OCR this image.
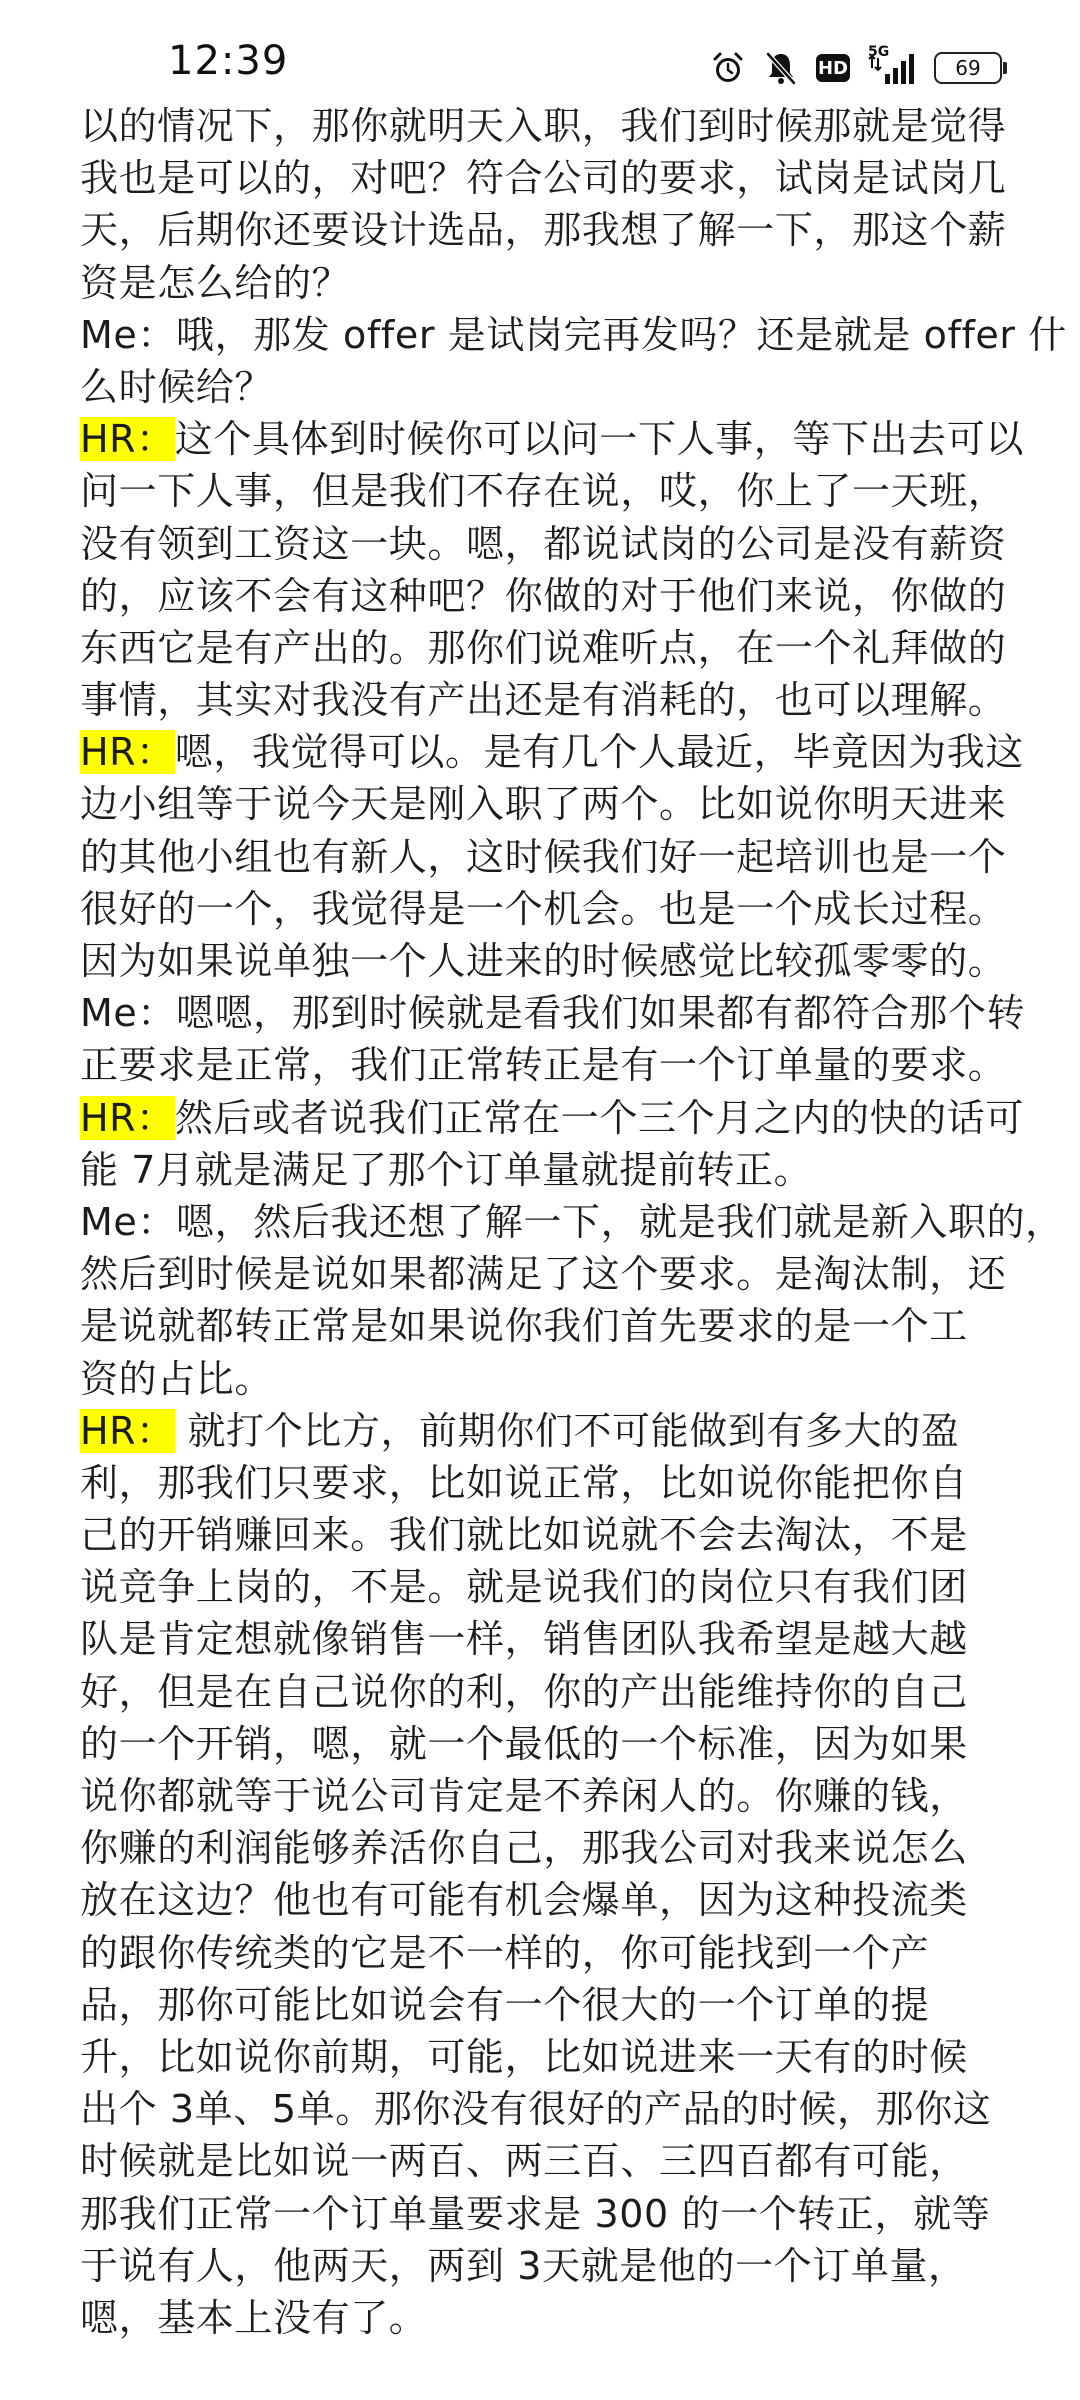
12:39	HD
5G
69
以的情况下，那你就明天入职，我们到时候那就是觉得
我也是可以的，对吧？符合公司的要求，试岗是试岗几
天，后期你还要设计选品，那我想了解一下，那这个薪
资是怎么给的？
Me：哦，那发 offer 是试岗完再发吗？还是就是 offer 什
么时候给？
HR：这个具体到时候你可以问一下人事，等下出去可以
问一下人事，但是我们不存在说，哎，你上了一天班，
没有领到工资这一块。嗯，都说试岗的公司是没有薪资
的，应该不会有这种吧？你做的对于他们来说，你做的
东西它是有产出的。那你们说难听点，在一个礼拜做的
事情，其实对我没有产出还是有消耗的，也可以理解。
HR：嗯，我觉得可以。是有几个人最近，毕竟因为我这
边小组等于说今天是刚入职了两个。比如说你明天进来
的其他小组也有新人，这时候我们好一起培训也是一个
很好的一个，我觉得是一个机会。也是一个成长过程。
因为如果说单独一个人进来的时候感觉比较孤零零的。
Me：嗯嗯，那到时候就是看我们如果都有都符合那个转
正要求是正常，我们正常转正是有一个订单量的要求。
HR：然后或者说我们正常在一个三个月之内的快的话可
能 7月就是满足了那个订单量就提前转正。
Me：嗯，然后我还想了解一下，就是我们就是新入职的，
然后到时候是说如果都满足了这个要求。是淘汰制，还
是说就都转正常是如果说你我们首先要求的是一个工
资的占比。
HR： 就打个比方，前期你们不可能做到有多大的盈
利，那我们只要求，比如说正常，比如说你能把你自
己的开销赚回来。我们就比如说就不会去淘汰，不是
说竞争上岗的，不是。就是说我们的岗位只有我们团
队是肯定想就像销售一样，销售团队我希望是越大越
好，但是在自己说你的利，你的产出能维持你的自己
的一个开销，嗯，就一个最低的一个标准，因为如果
说你都就等于说公司肯定是不养闲人的。你赚的钱，
你赚的利润能够养活你自己，那我公司对我来说怎么
放在这边？他也有可能有机会爆单，因为这种投流类
的跟你传统类的它是不一样的，你可能找到一个产
品，那你可能比如说会有一个很大的一个订单的提
升，比如说你前期，可能，比如说进来一天有的时候
出个 3单、5单。那你没有很好的产品的时候，那你这
时候就是比如说一两百、两三百、三四百都有可能，
那我们正常一个订单量要求是 300 的一个转正，就等
于说有人，他两天，两到 3天就是他的一个订单量，
嗯，基本上没有了。
